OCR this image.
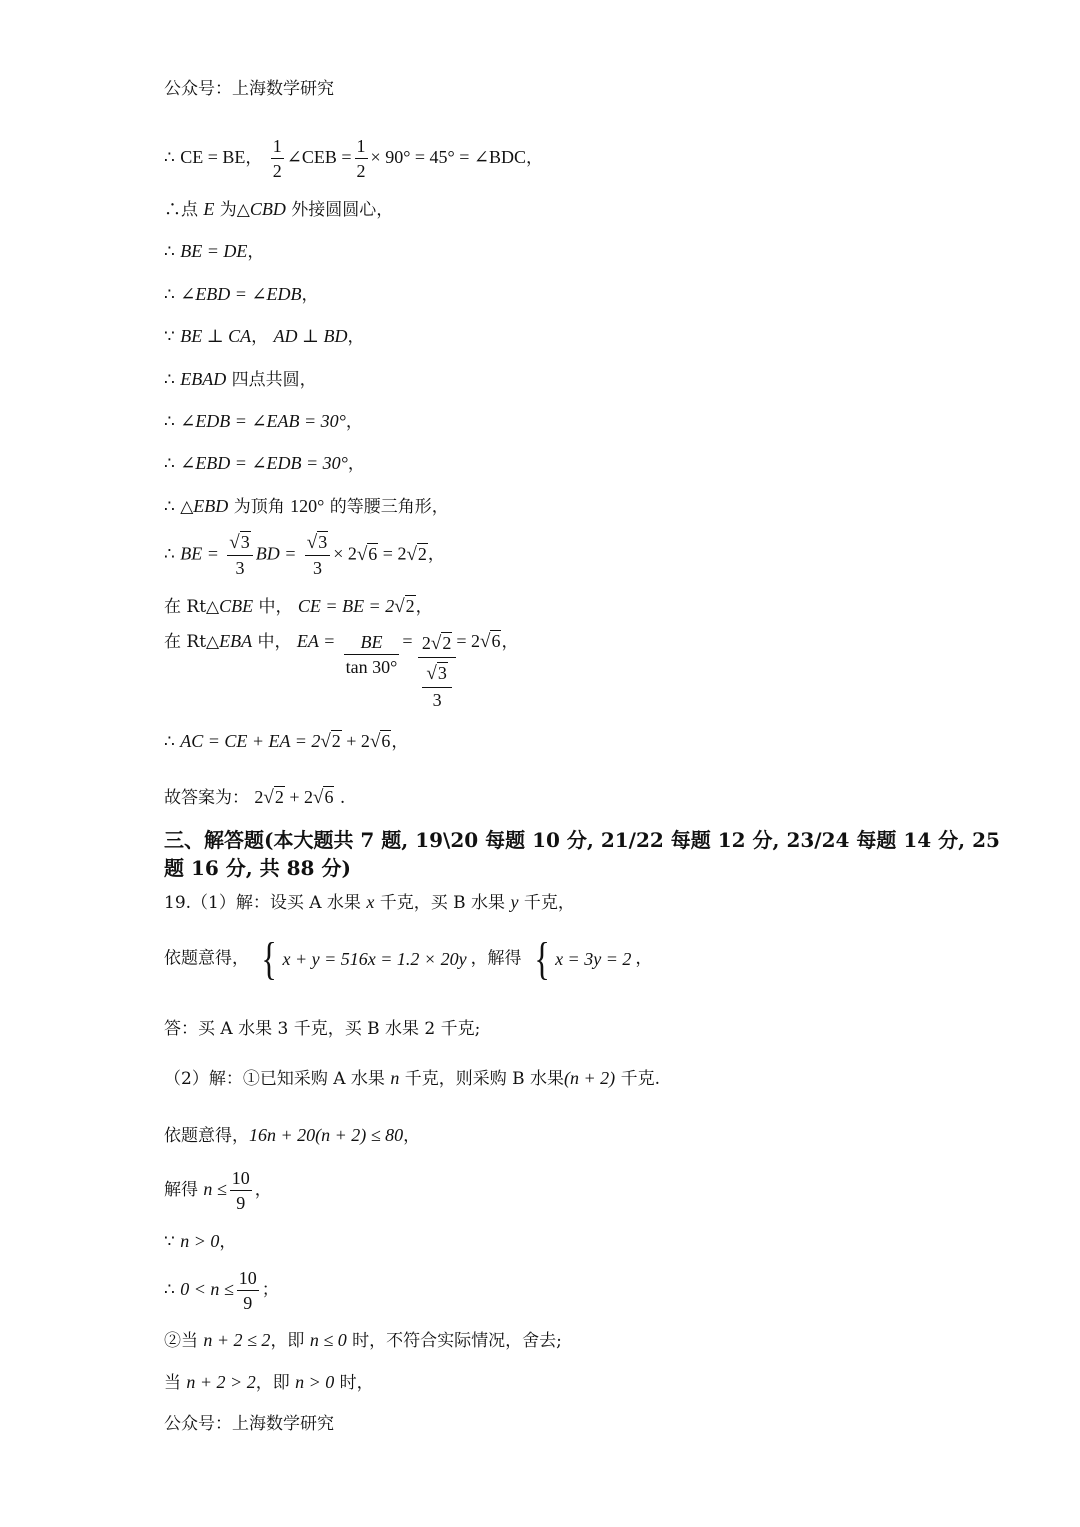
公众号：上海数学研究
∴ CE = BE， $\frac{1}{2}$ ∠CEB = $\frac{1}{2} \times 90^\circ = 45^\circ$ = ∠BDC，
∴点 E 为△CBD 外接圆圆心，
∴ BE = DE，
∴ ∠EBD = ∠EDB，
∵ BE ⊥ CA， AD ⊥ BD，
∴ EBAD 四点共圆，
∴ ∠EDB = ∠EAB = 30°，
∴ ∠EBD = ∠EDB = 30°，
∴ △EBD 为顶角 120° 的等腰三角形，
∴ BE = $\frac{√3}{3}$ BD = $\frac{√3}{3} \times 2√6 = 2√2$，
在 Rt△CBE 中， CE = BE = 2√2，
在 Rt△EBA 中， EA = $\frac{BE}{\tan 30^\circ} = \frac{2√2}{\frac{√3}{3}} = 2√6$，
∴ AC = CE + EA = 2√2 + 2√6，
故答案为： 2√2 + 2√6 .
三、解答题(本大题共 7 题, 19\20 每题 10 分, 21/22 每题 12 分, 23/24 每题 14 分, 25
题 16 分, 共 88 分)
19.（1）解：设买 A 水果 x 千克，买 B 水果 y 千克，
依题意得， { x + y = 516x = 1.2 × 20y ，解得 { x = 3y = 2 ，
答：买 A 水果 3 千克，买 B 水果 2 千克;
（2）解：①已知采购 A 水果 n 千克，则采购 B 水果(n + 2) 千克.
依题意得，16n + 20(n + 2) ≤ 80，
解得 $n \le \frac{10}{9}$ ，
∵ n > 0，
∴ $0 < n \le \frac{10}{9}$ ；
②当 n + 2 ≤ 2，即 n ≤ 0 时，不符合实际情况，舍去;
当 n + 2 > 2，即 n > 0 时，
公众号：上海数学研究
